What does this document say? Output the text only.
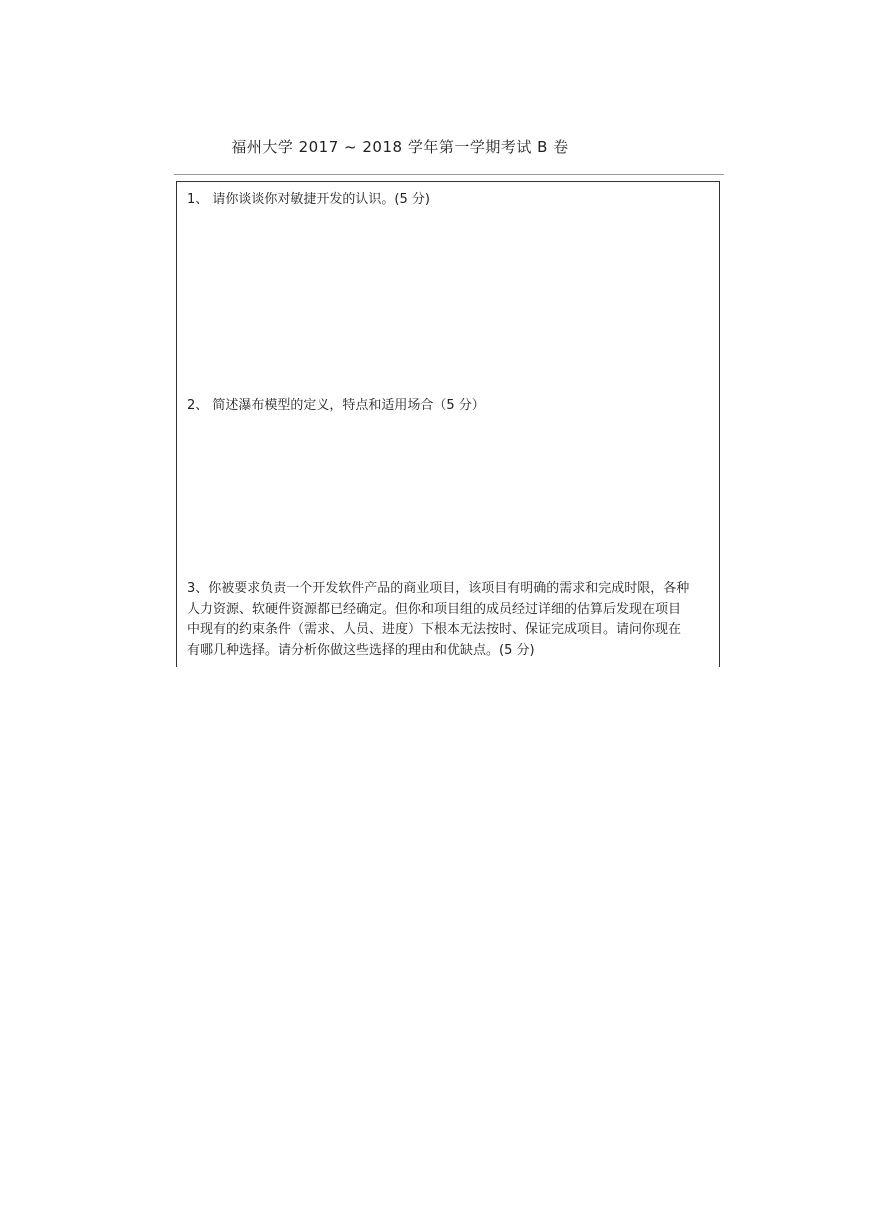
福州大学 2017 ~ 2018 学年第一学期考试 B 卷
1、 请你谈谈你对敏捷开发的认识。(5 分)
2、 简述瀑布模型的定义，特点和适用场合（5 分）
3、你被要求负责一个开发软件产品的商业项目，该项目有明确的需求和完成时限，各种
人力资源、软硬件资源都已经确定。但你和项目组的成员经过详细的估算后发现在项目
中现有的约束条件（需求、人员、进度）下根本无法按时、保证完成项目。请问你现在
有哪几种选择。请分析你做这些选择的理由和优缺点。(5 分)
